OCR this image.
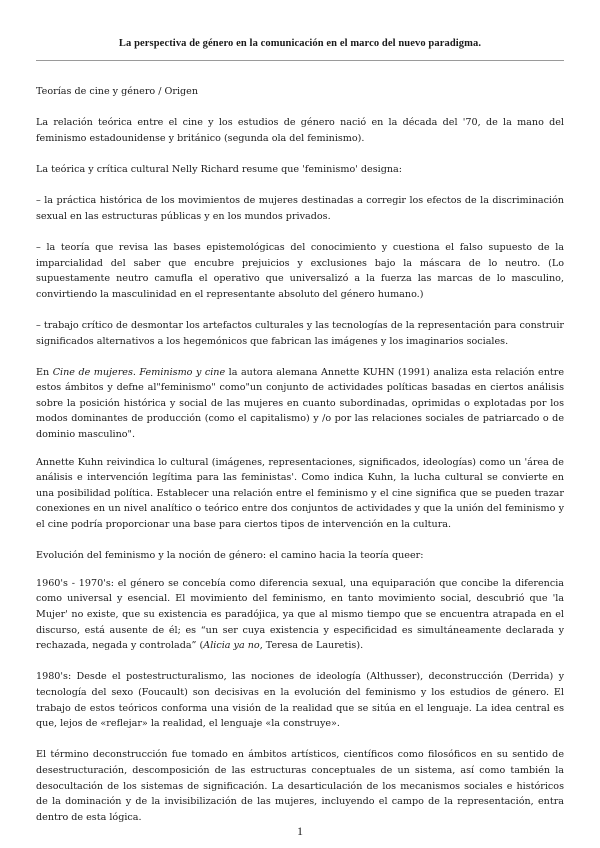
La perspectiva de género en la comunicación en el marco del nuevo paradigma.

Teorías de cine y género / Origen

La relación teórica entre el cine y los estudios de género nació en la década del '70, de la mano del feminismo estadounidense y británico (segunda ola del feminismo).

La teórica y crítica cultural Nelly Richard resume que 'feminismo' designa:

– la práctica histórica de los movimientos de mujeres destinadas a corregir los efectos de la discriminación sexual en las estructuras públicas y en los mundos privados.

– la teoría que revisa las bases epistemológicas del conocimiento y cuestiona el falso supuesto de la imparcialidad del saber que encubre prejuicios y exclusiones bajo la máscara de lo neutro. (Lo supuestamente neutro camufla el operativo que universalizó a la fuerza las marcas de lo masculino, convirtiendo la masculinidad en el representante absoluto del género humano.)

– trabajo crítico de desmontar los artefactos culturales y las tecnologías de la representación para construir significados alternativos a los hegemónicos que fabrican las imágenes y los imaginarios sociales.

En Cine de mujeres. Feminismo y cine la autora alemana Annette KUHN (1991) analiza esta relación entre estos ámbitos y defne al"feminismo" como"un conjunto de actividades políticas basadas en ciertos análisis sobre la posición histórica y social de las mujeres en cuanto subordinadas, oprimidas o explotadas por los modos dominantes de producción (como el capitalismo) y /o por las relaciones sociales de patriarcado o de dominio masculino".

Annette Kuhn reivindica lo cultural (imágenes, representaciones, significados, ideologías) como un 'área de análisis e intervención legítima para las feministas'. Como indica Kuhn, la lucha cultural se convierte en una posibilidad política. Establecer una relación entre el feminismo y el cine significa que se pueden trazar conexiones en un nivel analítico o teórico entre dos conjuntos de actividades y que la unión del feminismo y el cine podría proporcionar una base para ciertos tipos de intervención en la cultura.

Evolución del feminismo y la noción de género: el camino hacia la teoría queer:

1960's - 1970's: el género se concebía como diferencia sexual, una equiparación que concibe la diferencia como universal y esencial. El movimiento del feminismo, en tanto movimiento social, descubrió que 'la Mujer' no existe, que su existencia es paradójica, ya que al mismo tiempo que se encuentra atrapada en el discurso, está ausente de él; es “un ser cuya existencia y especificidad es simultáneamente declarada y rechazada, negada y controlada” (Alicia ya no, Teresa de Lauretis).

1980's: Desde el postestructuralismo, las nociones de ideología (Althusser), deconstrucción (Derrida) y tecnología del sexo (Foucault) son decisivas en la evolución del feminismo y los estudios de género. El trabajo de estos teóricos conforma una visión de la realidad que se sitúa en el lenguaje. La idea central es que, lejos de «reflejar» la realidad, el lenguaje «la construye».

El término deconstrucción fue tomado en ámbitos artísticos, científicos como filosóficos en su sentido de desestructuración, descomposición de las estructuras conceptuales de un sistema, así como también la desocultación de los sistemas de significación. La desarticulación de los mecanismos sociales e históricos de la dominación y de la invisibilización de las mujeres, incluyendo el campo de la representación, entra dentro de esta lógica.

1
